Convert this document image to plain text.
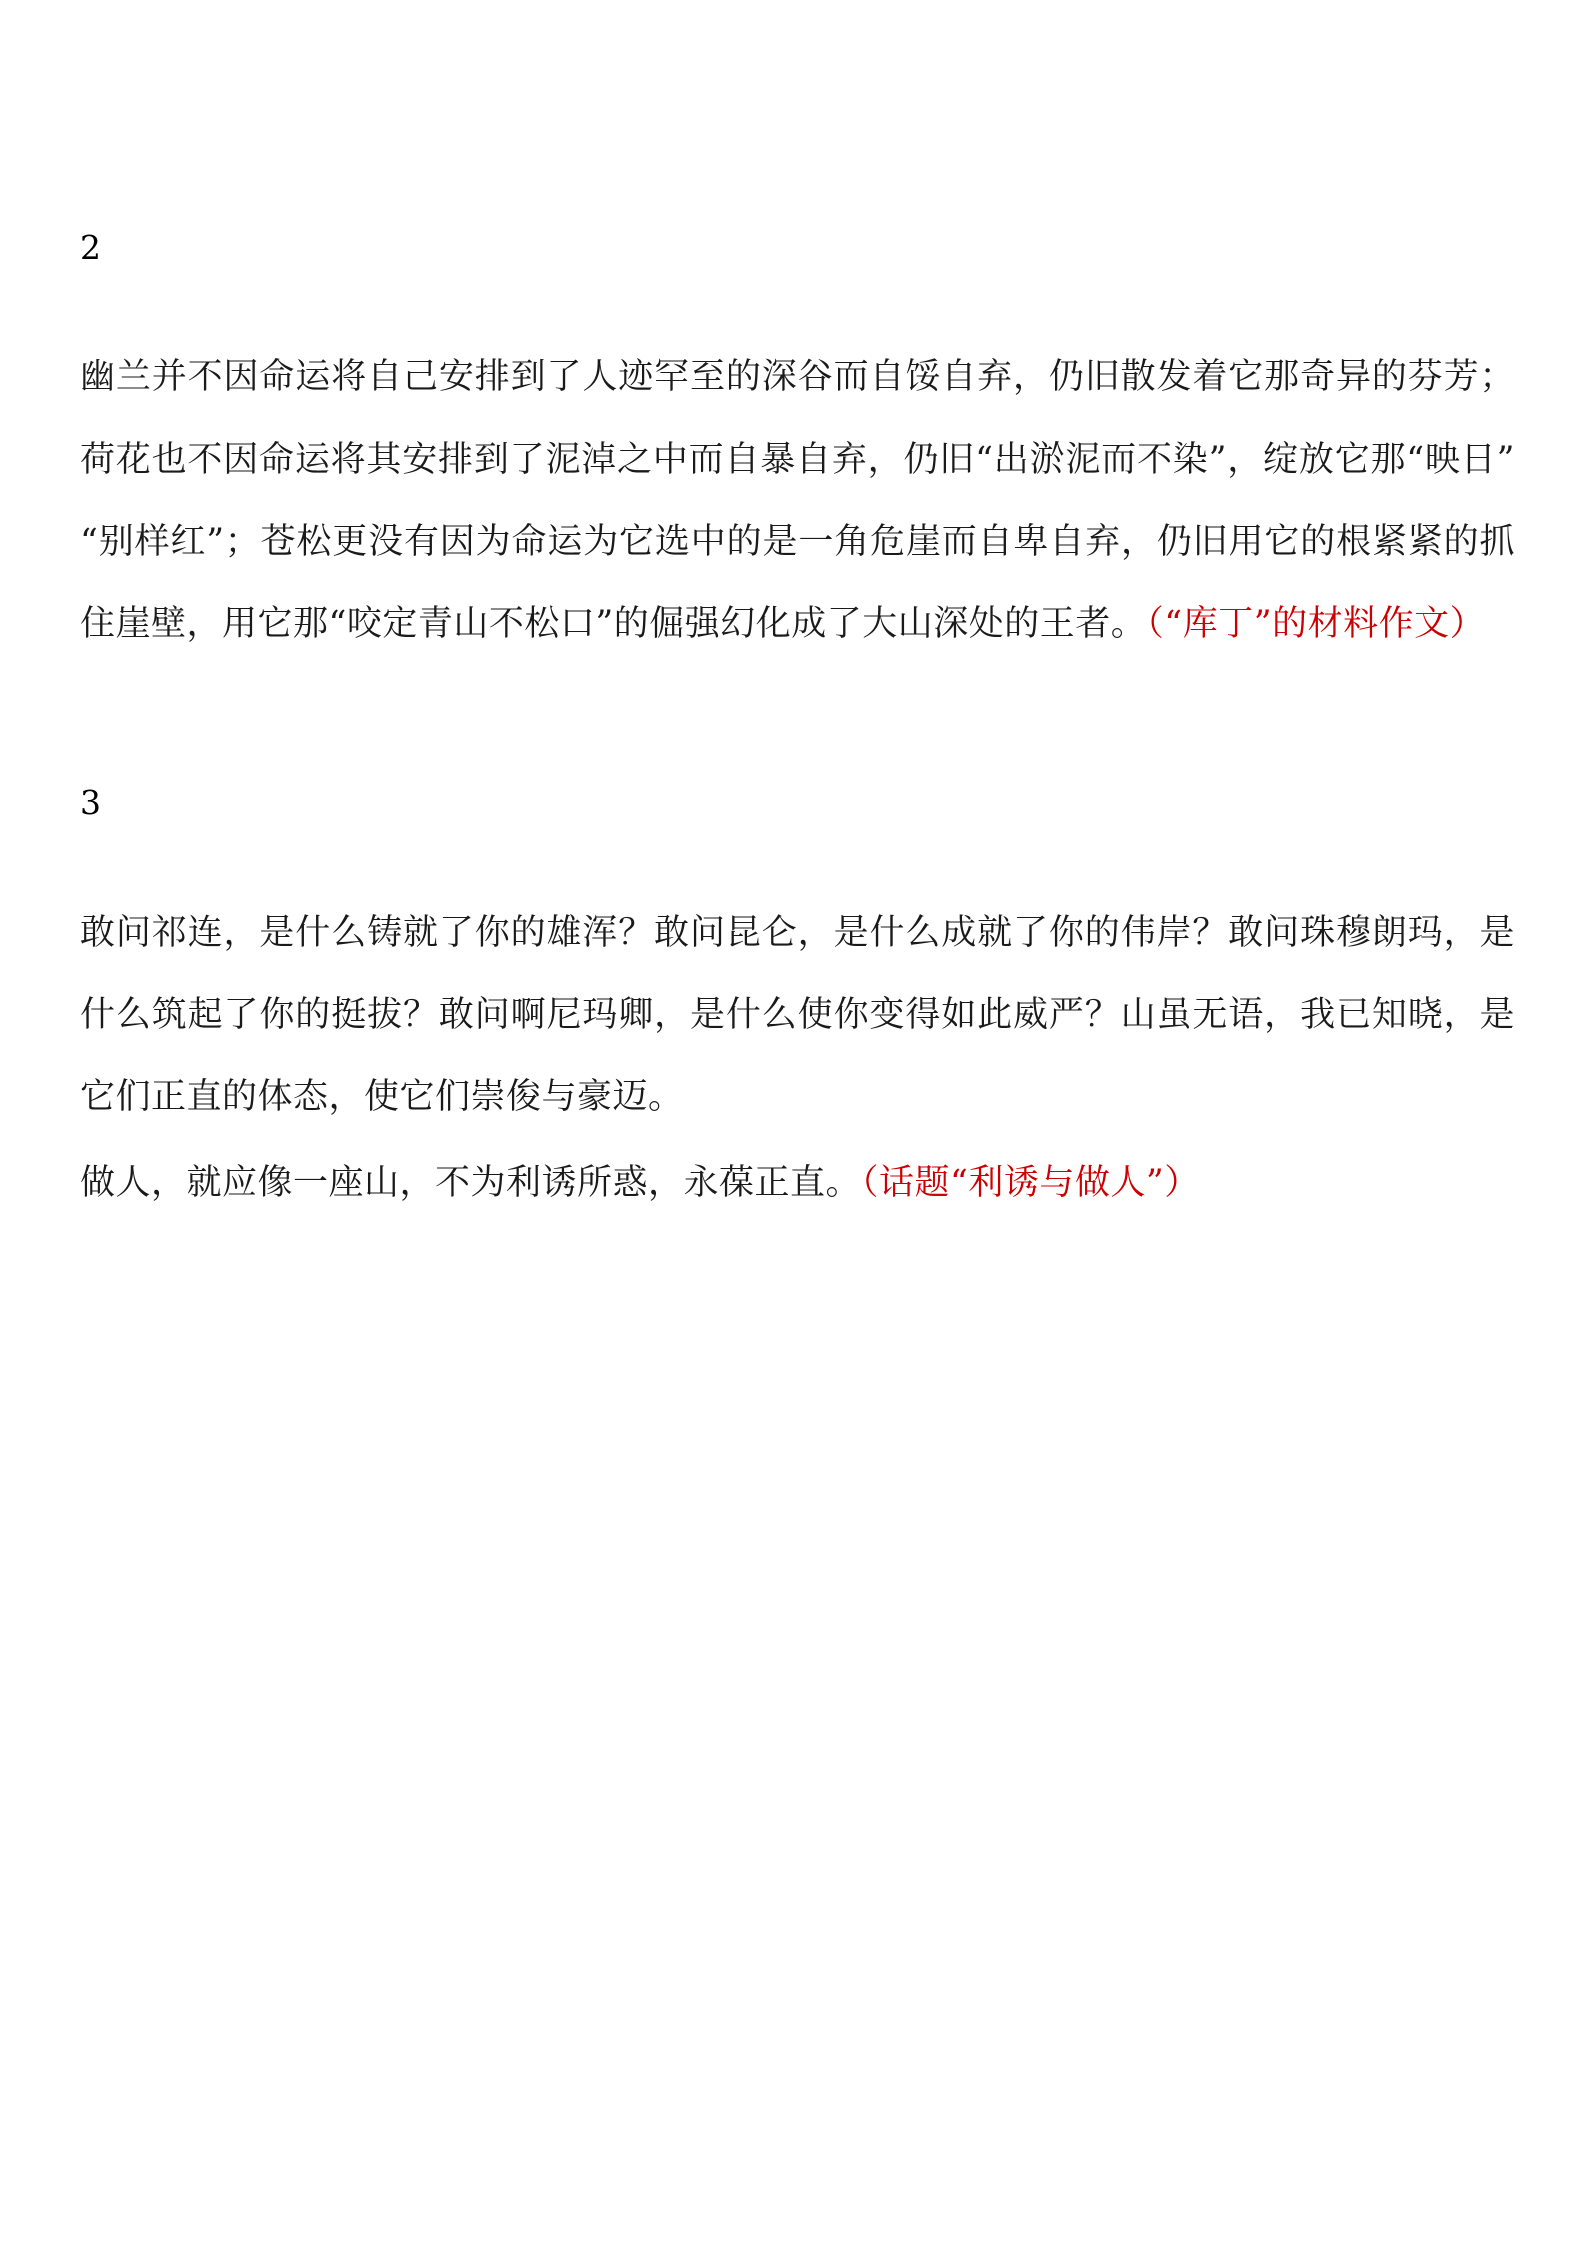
2

幽兰并不因命运将自己安排到了人迹罕至的深谷而自馁自弃，仍旧散发着它那奇异的芬芳；荷花也不因命运将其安排到了泥淖之中而自暴自弃，仍旧“出淤泥而不染”，绽放它那“映日”“别样红”；苍松更没有因为命运为它选中的是一角危崖而自卑自弃，仍旧用它的根紧紧的抓住崖壁，用它那“咬定青山不松口”的倔强幻化成了大山深处的王者。（“库丁”的材料作文）

3

敢问祁连，是什么铸就了你的雄浑？敢问昆仑，是什么成就了你的伟岸？敢问珠穆朗玛，是什么筑起了你的挺拔？敢问啊尼玛卿，是什么使你变得如此威严？山虽无语，我已知晓，是它们正直的体态，使它们崇俊与豪迈。

做人，就应像一座山，不为利诱所惑，永葆正直。（话题“利诱与做人”）
